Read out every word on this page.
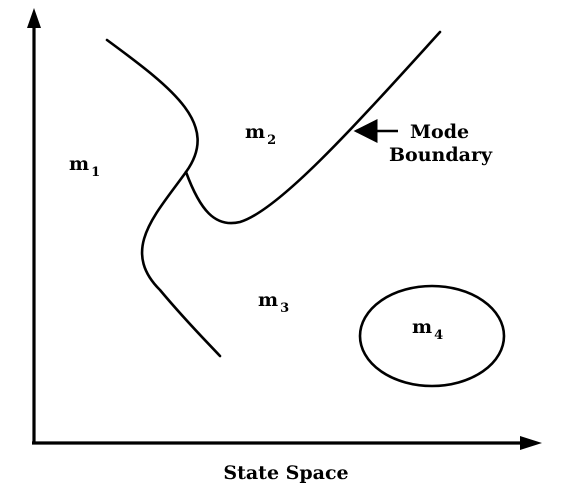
m $_1$
m $_2$
m $_3$
m $_4$
Mode
Boundary
State Space
